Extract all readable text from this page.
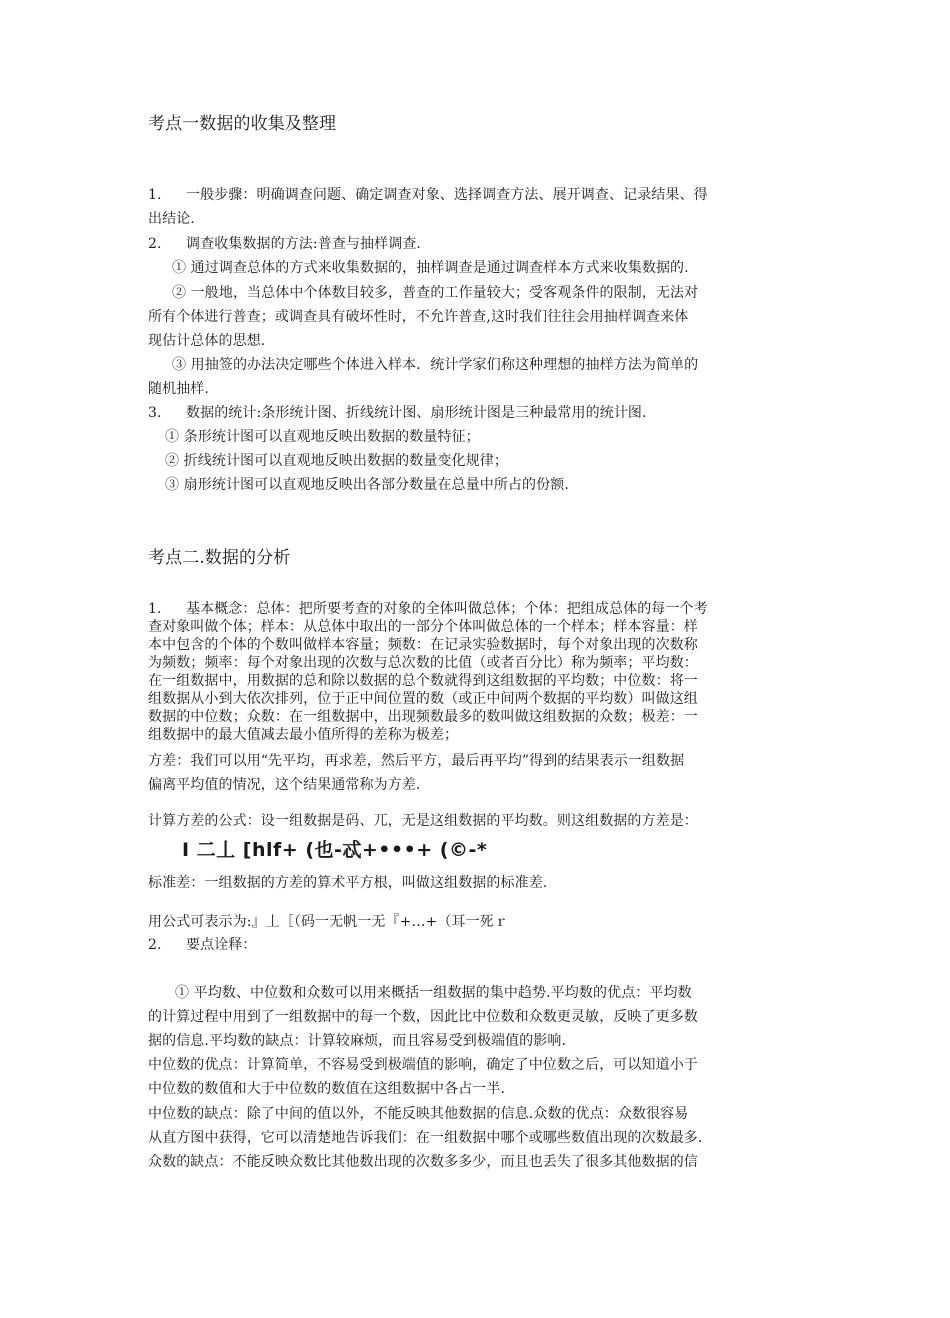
考点一数据的收集及整理
1. 一般步骤：明确调查问题、确定调查对象、选择调查方法、展开调查、记录结果、得
出结论.
2. 调查收集数据的方法:普查与抽样调查.
① 通过调查总体的方式来收集数据的，抽样调查是通过调查样本方式来收集数据的.
② 一般地，当总体中个体数目较多，普查的工作量较大；受客观条件的限制，无法对
所有个体进行普查；或调查具有破坏性时，不允许普查,这时我们往往会用抽样调查来体
现估计总体的思想.
③ 用抽签的办法决定哪些个体进入样本．统计学家们称这种理想的抽样方法为简单的
随机抽样.
3. 数据的统计:条形统计图、折线统计图、扇形统计图是三种最常用的统计图.
① 条形统计图可以直观地反映出数据的数量特征；
② 折线统计图可以直观地反映出数据的数量变化规律；
③ 扇形统计图可以直观地反映出各部分数量在总量中所占的份额.
考点二.数据的分析
1. 基本概念：总体：把所要考查的对象的全体叫做总体；个体：把组成总体的每一个考
查对象叫做个体；样本：从总体中取出的一部分个体叫做总体的一个样本；样本容量：样
本中包含的个体的个数叫做样本容量；频数：在记录实验数据时，每个对象出现的次数称
为频数；频率：每个对象出现的次数与总次数的比值（或者百分比）称为频率；平均数：
在一组数据中，用数据的总和除以数据的总个数就得到这组数据的平均数；中位数：将一
组数据从小到大依次排列，位于正中间位置的数（或正中间两个数据的平均数）叫做这组
数据的中位数；众数：在一组数据中，出现频数最多的数叫做这组数据的众数；极差：一
组数据中的最大值减去最小值所得的差称为极差；
方差：我们可以用“先平均，再求差，然后平方，最后再平均”得到的结果表示一组数据
偏离平均值的情况，这个结果通常称为方差.
计算方差的公式：设一组数据是码、兀，无是这组数据的平均数。则这组数据的方差是：
I 二丄 [hlf+ (也-忒+•••+ (©-*
标准差：一组数据的方差的算术平方根，叫做这组数据的标准差.
用公式可表示为:』丄［（码一无帆一无『+…+（耳一死ｒ
2. 要点诠释：
① 平均数、中位数和众数可以用来概括一组数据的集中趋势.平均数的优点：平均数
的计算过程中用到了一组数据中的每一个数，因此比中位数和众数更灵敏，反映了更多数
据的信息.平均数的缺点：计算较麻烦，而且容易受到极端值的影响.
中位数的优点：计算简单，不容易受到极端值的影响，确定了中位数之后，可以知道小于
中位数的数值和大于中位数的数值在这组数据中各占一半.
中位数的缺点：除了中间的值以外，不能反映其他数据的信息.众数的优点：众数很容易
从直方图中获得，它可以清楚地告诉我们：在一组数据中哪个或哪些数值出现的次数最多.
众数的缺点：不能反映众数比其他数出现的次数多多少，而且也丢失了很多其他数据的信
